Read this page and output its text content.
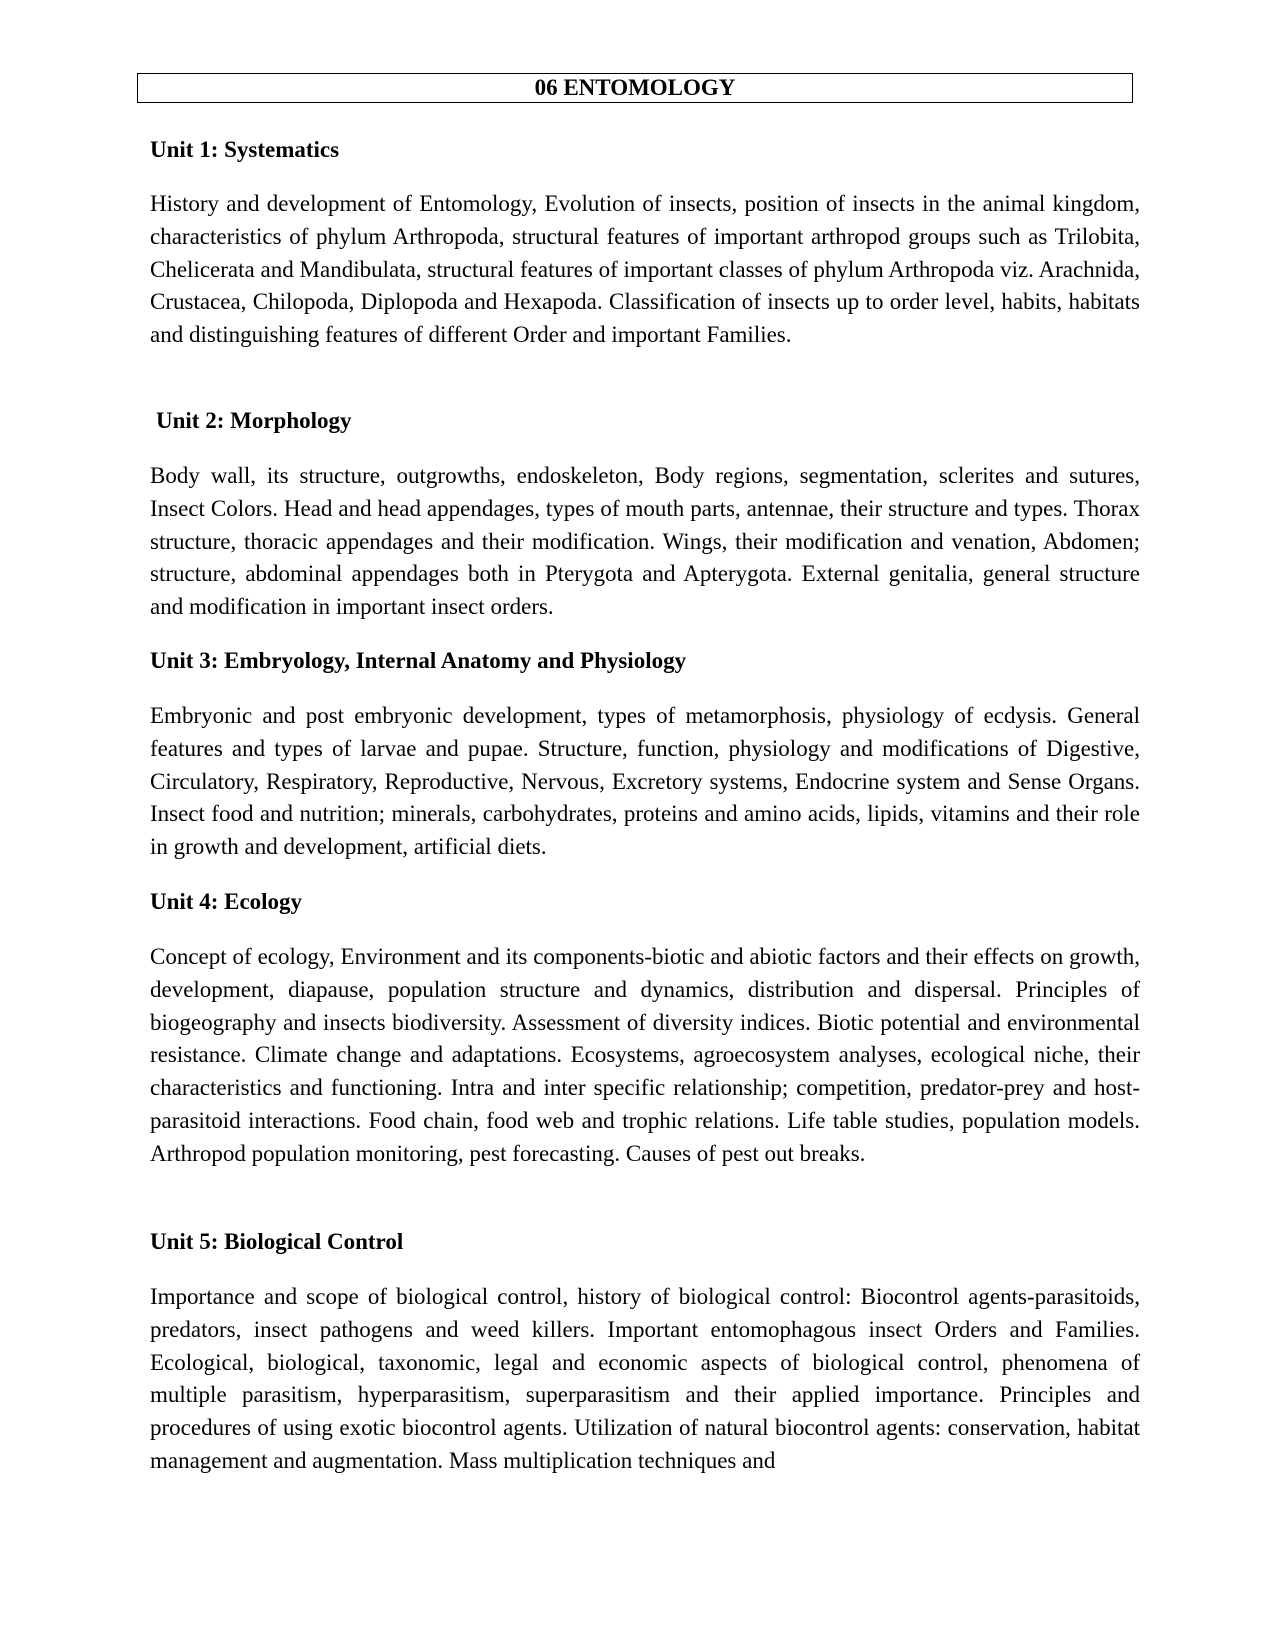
06 ENTOMOLOGY
Unit 1: Systematics

History and development of Entomology, Evolution of insects, position of insects in the animal kingdom, characteristics of phylum Arthropoda, structural features of important arthropod groups such as Trilobita, Chelicerata and Mandibulata, structural features of important classes of phylum Arthropoda viz. Arachnida, Crustacea, Chilopoda, Diplopoda and Hexapoda. Classification of insects up to order level, habits, habitats and distinguishing features of different Order and important Families.

Unit 2: Morphology

Body wall, its structure, outgrowths, endoskeleton, Body regions, segmentation, sclerites and sutures, Insect Colors. Head and head appendages, types of mouth parts, antennae, their structure and types. Thorax structure, thoracic appendages and their modification. Wings, their modification and venation, Abdomen; structure, abdominal appendages both in Pterygota and Apterygota. External genitalia, general structure and modification in important insect orders.

Unit 3: Embryology, Internal Anatomy and Physiology

Embryonic and post embryonic development, types of metamorphosis, physiology of ecdysis. General features and types of larvae and pupae. Structure, function, physiology and modifications of Digestive, Circulatory, Respiratory, Reproductive, Nervous, Excretory systems, Endocrine system and Sense Organs. Insect food and nutrition; minerals, carbohydrates, proteins and amino acids, lipids, vitamins and their role in growth and development, artificial diets.

Unit 4: Ecology

Concept of ecology, Environment and its components-biotic and abiotic factors and their effects on growth, development, diapause, population structure and dynamics, distribution and dispersal. Principles of biogeography and insects biodiversity. Assessment of diversity indices. Biotic potential and environmental resistance. Climate change and adaptations. Ecosystems, agroecosystem analyses, ecological niche, their characteristics and functioning. Intra and inter specific relationship; competition, predator-prey and host-parasitoid interactions. Food chain, food web and trophic relations. Life table studies, population models. Arthropod population monitoring, pest forecasting. Causes of pest out breaks.

Unit 5: Biological Control

Importance and scope of biological control, history of biological control: Biocontrol agents-parasitoids, predators, insect pathogens and weed killers. Important entomophagous insect Orders and Families. Ecological, biological, taxonomic, legal and economic aspects of biological control, phenomena of multiple parasitism, hyperparasitism, superparasitism and their applied importance. Principles and procedures of using exotic biocontrol agents. Utilization of natural biocontrol agents: conservation, habitat management and augmentation. Mass multiplication techniques and
